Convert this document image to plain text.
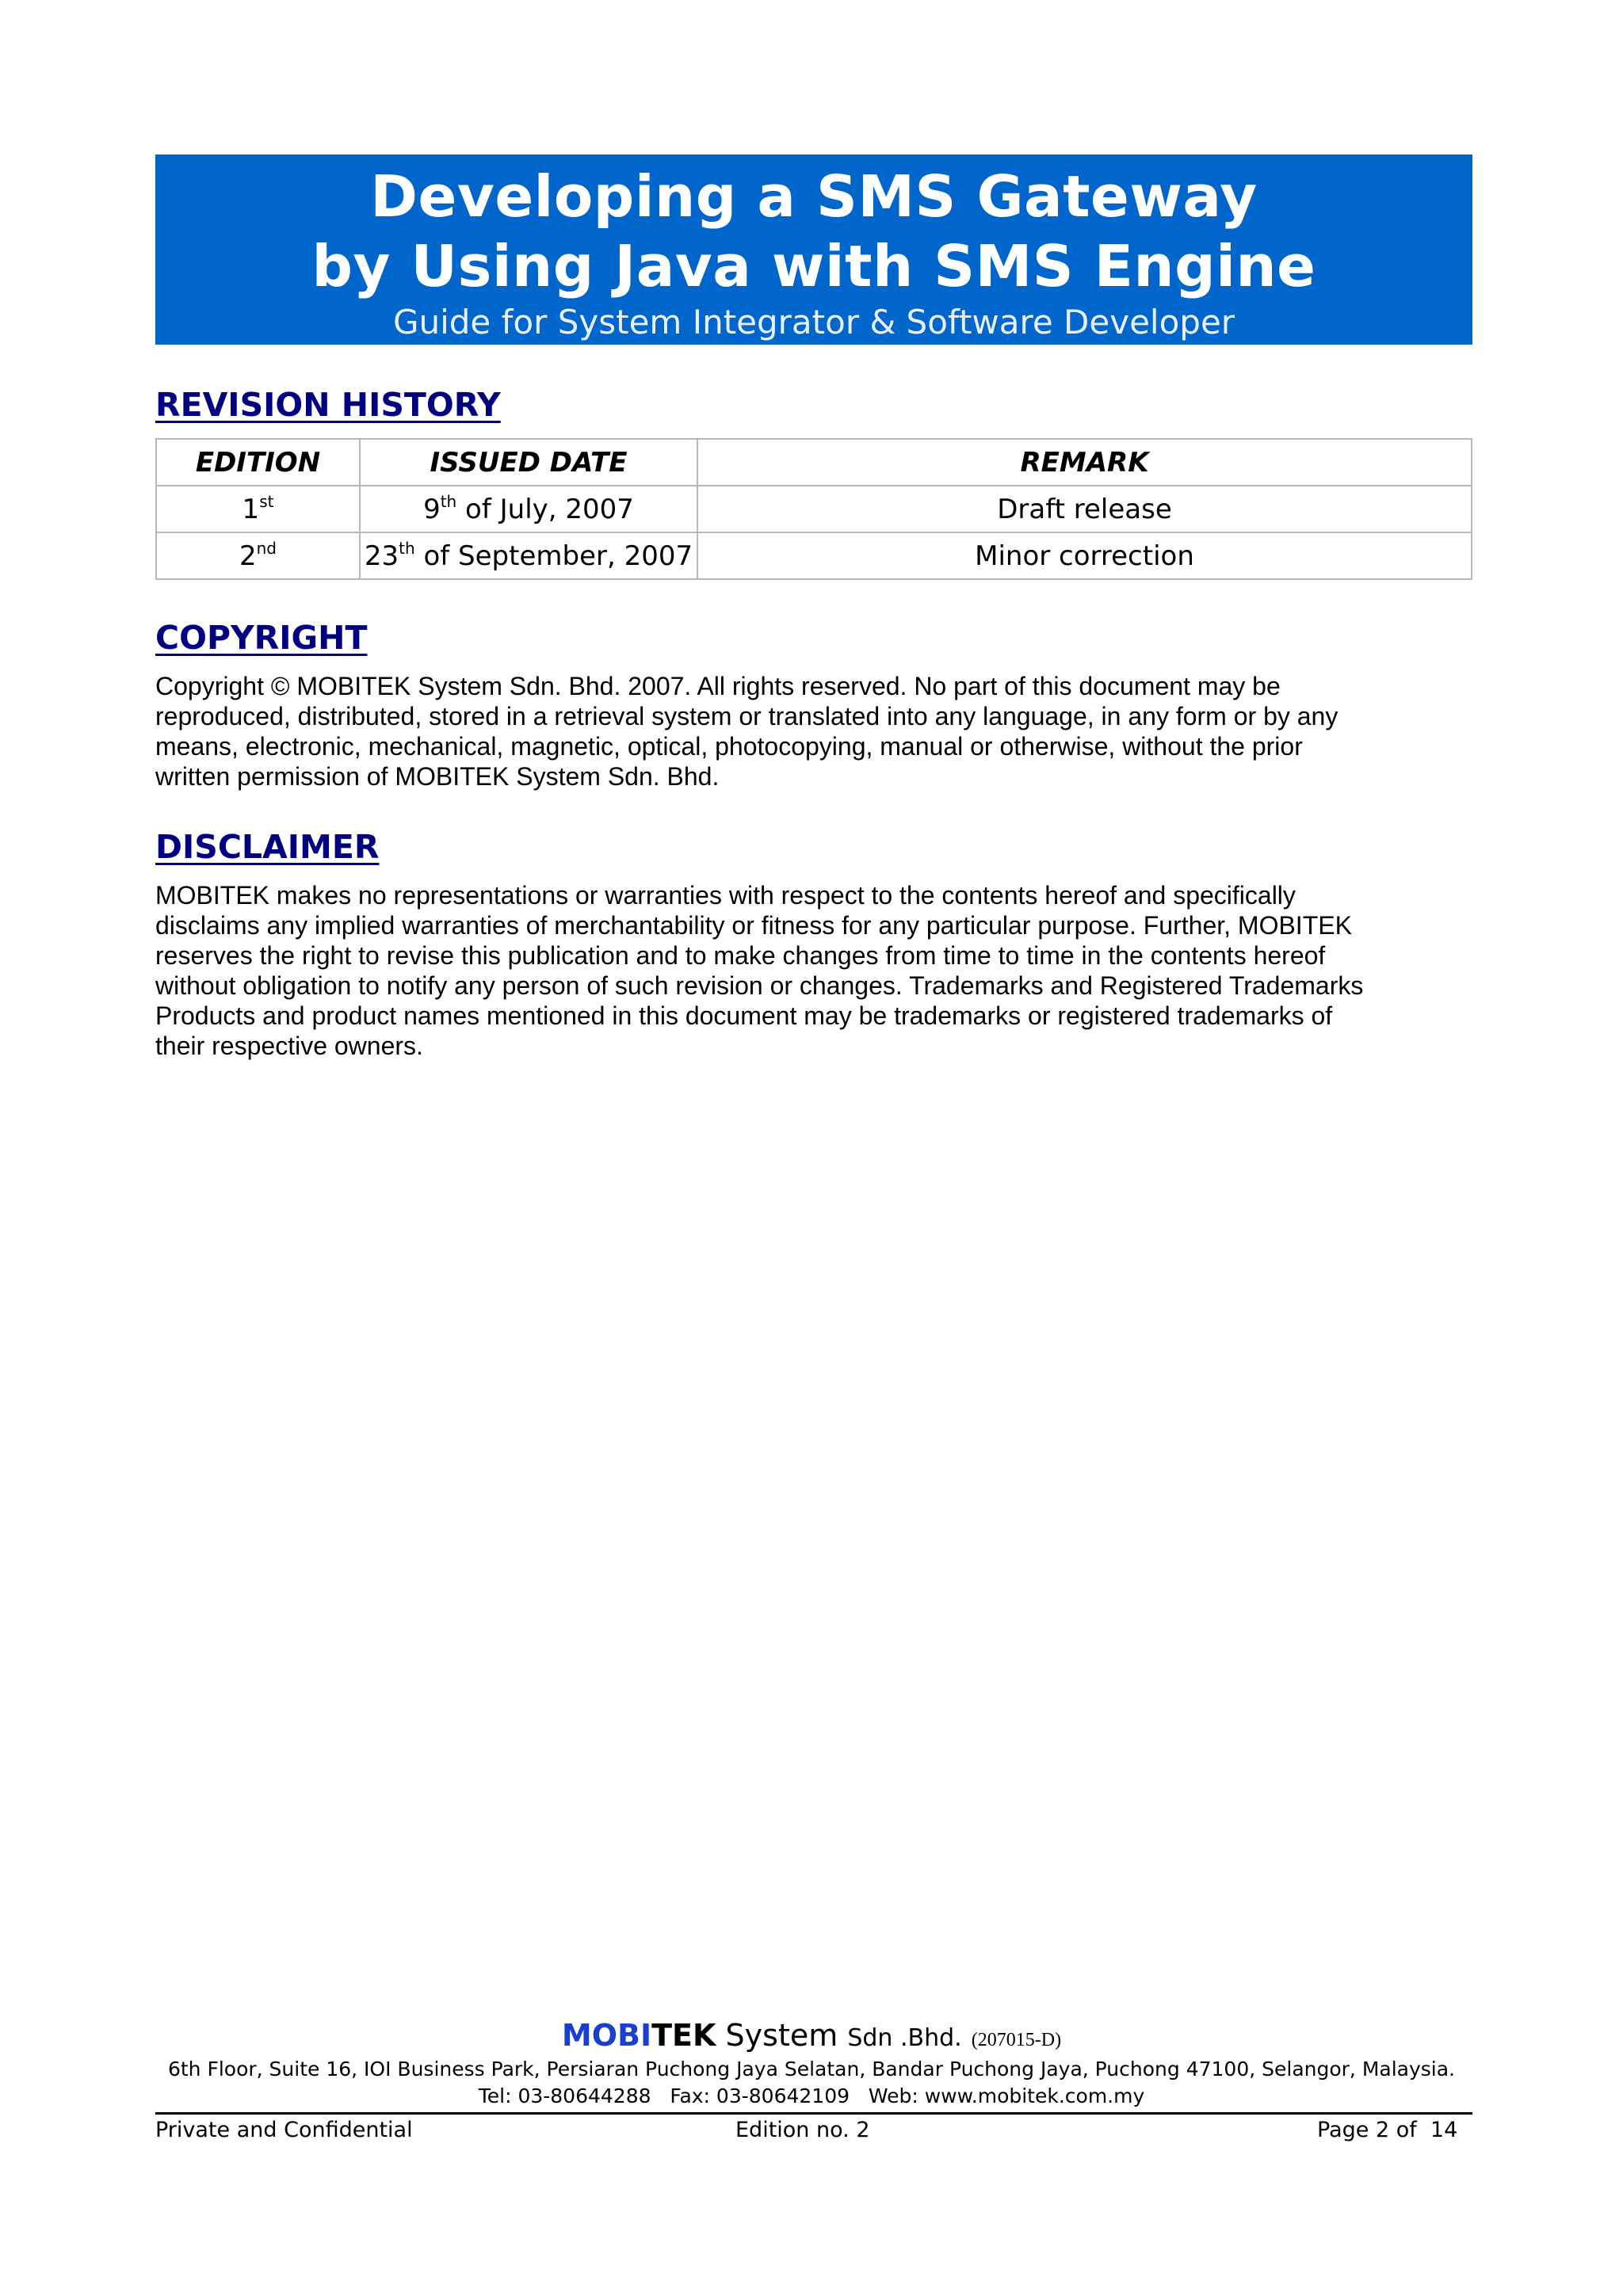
Developing a SMS Gateway
by Using Java with SMS Engine
Guide for System Integrator & Software Developer
REVISION HISTORY
EDITION	ISSUED DATE	REMARK
1st	9th of July, 2007	Draft release
2nd	23th of September, 2007	Minor correction
COPYRIGHT
Copyright © MOBITEK System Sdn. Bhd. 2007. All rights reserved. No part of this document may be
reproduced, distributed, stored in a retrieval system or translated into any language, in any form or by any
means, electronic, mechanical, magnetic, optical, photocopying, manual or otherwise, without the prior
written permission of MOBITEK System Sdn. Bhd.
DISCLAIMER
MOBITEK makes no representations or warranties with respect to the contents hereof and specifically
disclaims any implied warranties of merchantability or fitness for any particular purpose. Further, MOBITEK
reserves the right to revise this publication and to make changes from time to time in the contents hereof
without obligation to notify any person of such revision or changes. Trademarks and Registered Trademarks
Products and product names mentioned in this document may be trademarks or registered trademarks of
their respective owners.
MOBITEK System Sdn .Bhd. (207015-D)
6th Floor, Suite 16, IOI Business Park, Persiaran Puchong Jaya Selatan, Bandar Puchong Jaya, Puchong 47100, Selangor, Malaysia.
Tel: 03-80644288   Fax: 03-80642109   Web: www.mobitek.com.my
Private and Confidential	Edition no. 2	Page 2 of  14
